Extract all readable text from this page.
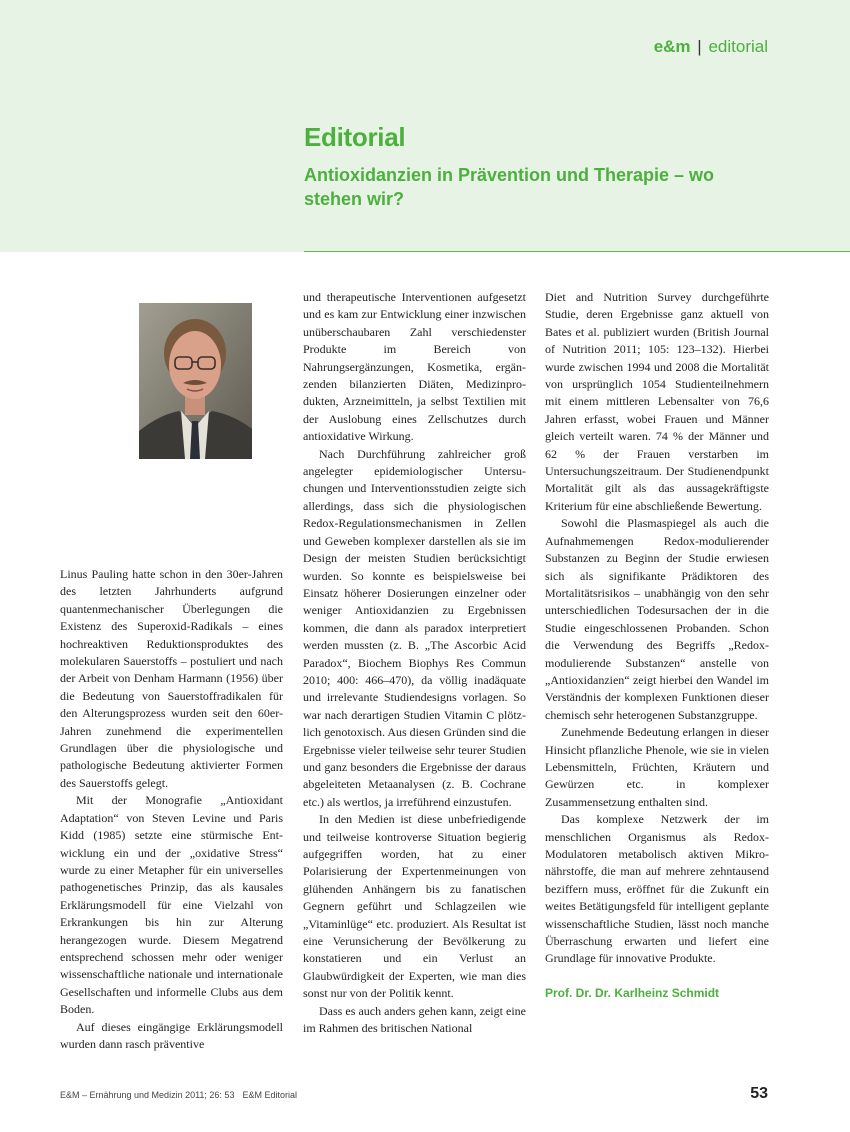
e&m | editorial
Editorial
Antioxidanzien in Prävention und Therapie – wo stehen wir?

Linus Pauling hatte schon in den 30er-Jahren des letzten Jahrhunderts aufgrund quantenmechanischer Überlegungen die Existenz des Superoxid-Radikals – eines hochreaktiven Reduktionsproduktes des molekularen Sauerstoffs – postuliert und nach der Arbeit von Denham Harmann (1956) über die Bedeutung von Sauerstoffradikalen für den Alterungsprozess wurden seit den 60er-Jahren zunehmend die experimentellen Grundlagen über die physiologische und pathologische Bedeutung aktivierter Formen des Sauerstoffs gelegt.

Mit der Monografie „Antioxidant Adaptation“ von Steven Levine und Paris Kidd (1985) setzte eine stürmische Entwicklung ein und der „oxidative Stress“ wurde zu einer Metapher für ein universelles pathogenetisches Prinzip, das als kausales Erklärungsmodell für eine Vielzahl von Erkrankungen bis hin zur Alterung herangezogen wurde. Diesem Megatrend entsprechend schossen mehr oder weniger wissenschaftliche nationale und internationale Gesellschaften und informelle Clubs aus dem Boden.

Auf dieses eingängige Erklärungsmodell wurden dann rasch präventive

und therapeutische Interventionen aufgesetzt und es kam zur Entwicklung einer inzwischen unüberschaubaren Zahl verschiedenster Produkte im Bereich von Nahrungsergänzungen, Kosmetika, ergänzenden bilanzierten Diäten, Medizinprodukten, Arzneimitteln, ja selbst Textilien mit der Auslobung eines Zellschutzes durch antioxidative Wirkung.

Nach Durchführung zahlreicher groß angelegter epidemiologischer Untersuchungen und Interventionsstudien zeigte sich allerdings, dass sich die physiologischen Redox-Regulationsmechanismen in Zellen und Geweben komplexer darstellen als sie im Design der meisten Studien berücksichtigt wurden. So konnte es beispielsweise bei Einsatz höherer Dosierungen einzelner oder weniger Antioxidanzien zu Ergebnissen kommen, die dann als paradox interpretiert werden mussten (z. B. „The Ascorbic Acid Paradox“, Biochem Biophys Res Commun 2010; 400: 466–470), da völlig inadäquate und irrelevante Studiendesigns vorlagen. So war nach derartigen Studien Vitamin C plötzlich genotoxisch. Aus diesen Gründen sind die Ergebnisse vieler teilweise sehr teurer Studien und ganz besonders die Ergebnisse der daraus abgeleiteten Metaanalysen (z. B. Cochrane etc.) als wertlos, ja irreführend einzustufen.

In den Medien ist diese unbefriedigende und teilweise kontroverse Situation begierig aufgegriffen worden, hat zu einer Polarisierung der Expertenmeinungen von glühenden Anhängern bis zu fanatischen Gegnern geführt und Schlagzeilen wie „Vitaminlüge“ etc. produziert. Als Resultat ist eine Verunsicherung der Bevölkerung zu konstatieren und ein Verlust an Glaubwürdigkeit der Experten, wie man dies sonst nur von der Politik kennt.

Dass es auch anders gehen kann, zeigt eine im Rahmen des britischen National

Diet and Nutrition Survey durchgeführte Studie, deren Ergebnisse ganz aktuell von Bates et al. publiziert wurden (British Journal of Nutrition 2011; 105: 123–132). Hierbei wurde zwischen 1994 und 2008 die Mortalität von ursprünglich 1054 Studienteilnehmern mit einem mittleren Lebensalter von 76,6 Jahren erfasst, wobei Frauen und Männer gleich verteilt waren. 74 % der Männer und 62 % der Frauen verstarben im Untersuchungszeitraum. Der Studienendpunkt Mortalität gilt als das aussagekräftigste Kriterium für eine abschließende Bewertung.

Sowohl die Plasmaspiegel als auch die Aufnahmemengen Redox-modulierender Substanzen zu Beginn der Studie erwiesen sich als signifikante Prädiktoren des Mortalitätsrisikos – unabhängig von den sehr unterschiedlichen Todesursachen der in die Studie eingeschlossenen Probanden. Schon die Verwendung des Begriffs „Redox-modulierende Substanzen“ anstelle von „Antioxidanzien“ zeigt hierbei den Wandel im Verständnis der komplexen Funktionen dieser chemisch sehr heterogenen Substanzgruppe.

Zunehmende Bedeutung erlangen in dieser Hinsicht pflanzliche Phenole, wie sie in vielen Lebensmitteln, Früchten, Kräutern und Gewürzen etc. in komplexer Zusammensetzung enthalten sind.

Das komplexe Netzwerk der im menschlichen Organismus als Redox-Modulatoren metabolisch aktiven Mikronährstoffe, die man auf mehrere zehntausend beziffern muss, eröffnet für die Zukunft ein weites Betätigungsfeld für intelligent geplante wissenschaftliche Studien, lässt noch manche Überraschung erwarten und liefert eine Grundlage für innovative Produkte.

Prof. Dr. Dr. Karlheinz Schmidt

E&M – Ernährung und Medizin 2011; 26: 53 E&M Editorial	53
